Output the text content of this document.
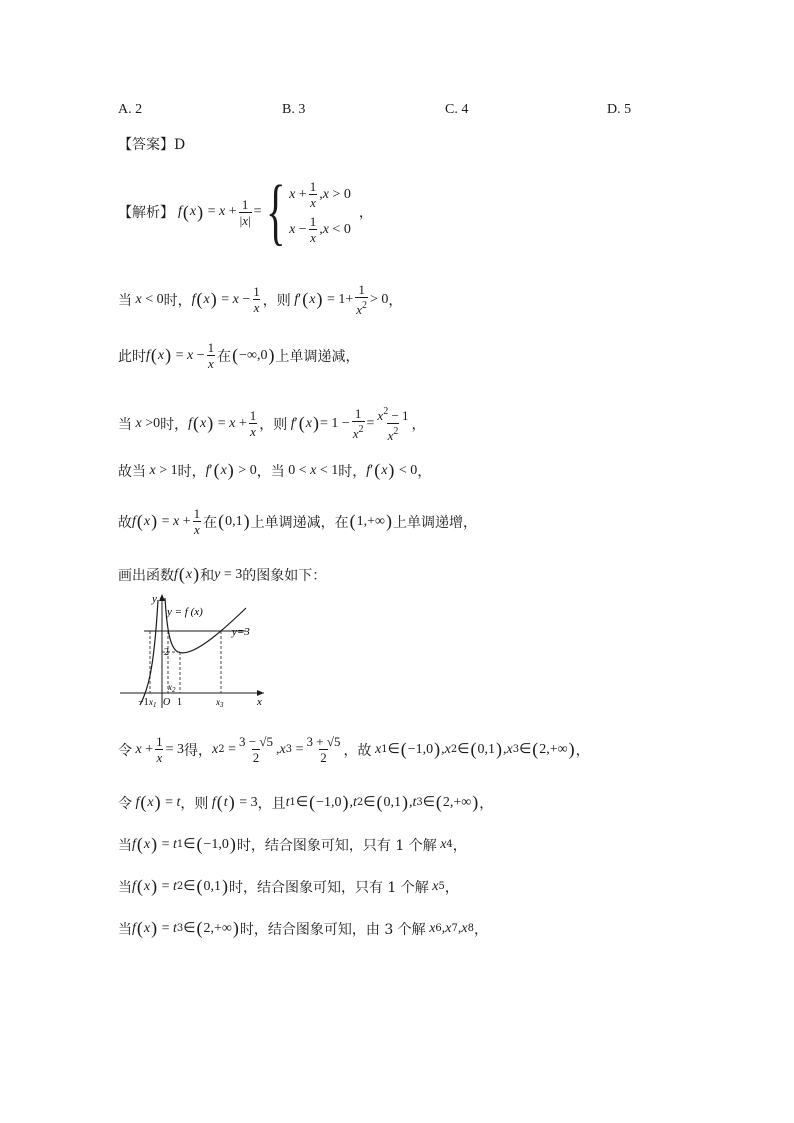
A. 2	B. 3	C. 4	D. 5
【答案】D
【解析】 f ( x ) = $x + \frac{1}{|x|}$ = { $x + \frac{1}{x}$ , x > 0
$x - \frac{1}{x}$ , x < 0
，
当 x < 0 时， f ( x ) = $x - \frac{1}{x}$ ，则 f ′ ( x ) = $1+ \frac{1}{x^2} > 0$ ，
此时 f ( x ) = $x - \frac{1}{x}$ 在 ( −∞,0 ) 上单调递减，
当 x >0 时， f ( x ) = $x + \frac{1}{x}$ ，则 f ′ ( x ) = $1 - \frac{1}{x^2} = \frac{x^2 - 1}{x^2}$ ，
故当 x > 1 时， f ′ ( x ) > 0 ， 当 0 < x < 1 时， f ′ ( x ) < 0 ，
故 f ( x ) = $x + \frac{1}{x}$ 在 ( 0,1 ) 上单调递减，在 ( 1,+∞ ) 上单调递增，
画出函数 f ( x ) 和 y = 3 的图象如下：
y
x
y = f (x)
y=3
2
1
−1 O
$x_1$
$x_2$
$x_3$
令 $x + \frac{1}{x} = 3$ 得， x $2 = \frac{3 - √5}{2}$ , x $3 = \frac{3 + √5}{2}$ ，故 x 1 ∈ ( −1,0 ) , x 2 ∈ ( 0,1 ) , x 3 ∈ ( 2,+∞ ) ，
令 f ( x ) = t ，则 f ( t ) = 3 ，且 t 1 ∈ ( −1,0 ) , t 2 ∈ ( 0,1 ) , t 3 ∈ ( 2,+∞ ) ，
当 f ( x ) = t 1 ∈ ( −1,0 ) 时，结合图象可知，只有 1 个解 x 4 ，
当 f ( x ) = t 2 ∈ ( 0,1 ) 时，结合图象可知，只有 1 个解 x 5 ，
当 f ( x ) = t 3 ∈ ( 2,+∞ ) 时，结合图象可知，由 3 个解 x 6 , x 7 , x 8 ，
